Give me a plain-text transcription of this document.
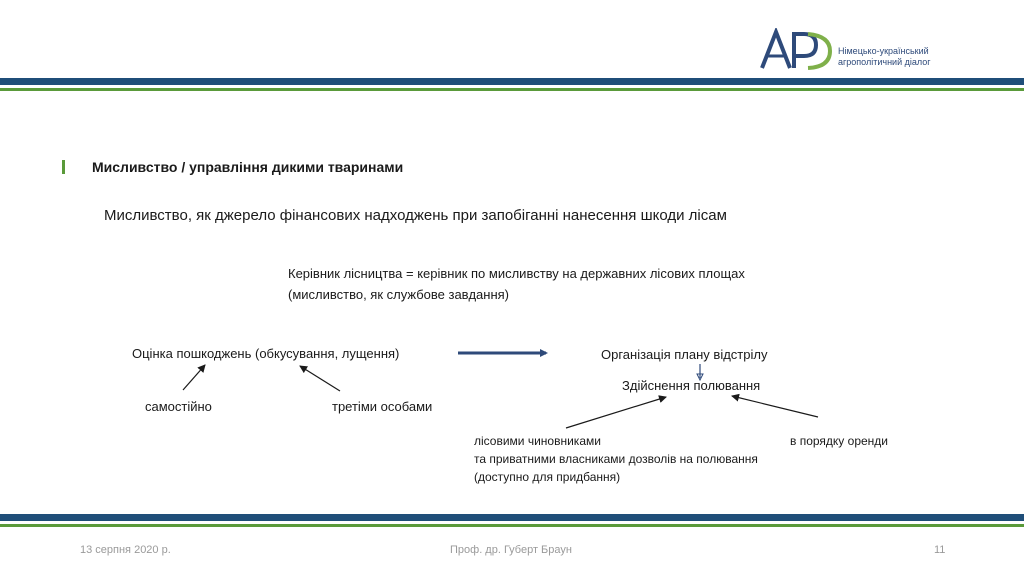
Німецько-український
агрополітичний діалог
Мисливство / управління дикими тваринами
Мисливство, як джерело фінансових надходжень при запобіганні нанесення шкоди лісам
Керівник лісництва = керівник по мисливству на державних лісових площах
(мисливство, як службове завдання)
Оцінка пошкоджень (обкусування, лущення)
самостійно	третіми особами
Організація плану відстрілу
Здійснення полювання
лісовими чиновниками
та приватними власниками дозволів на полювання
(доступно для придбання)
в порядку оренди
13 серпня 2020 р.	Проф. др. Губерт Браун	11
